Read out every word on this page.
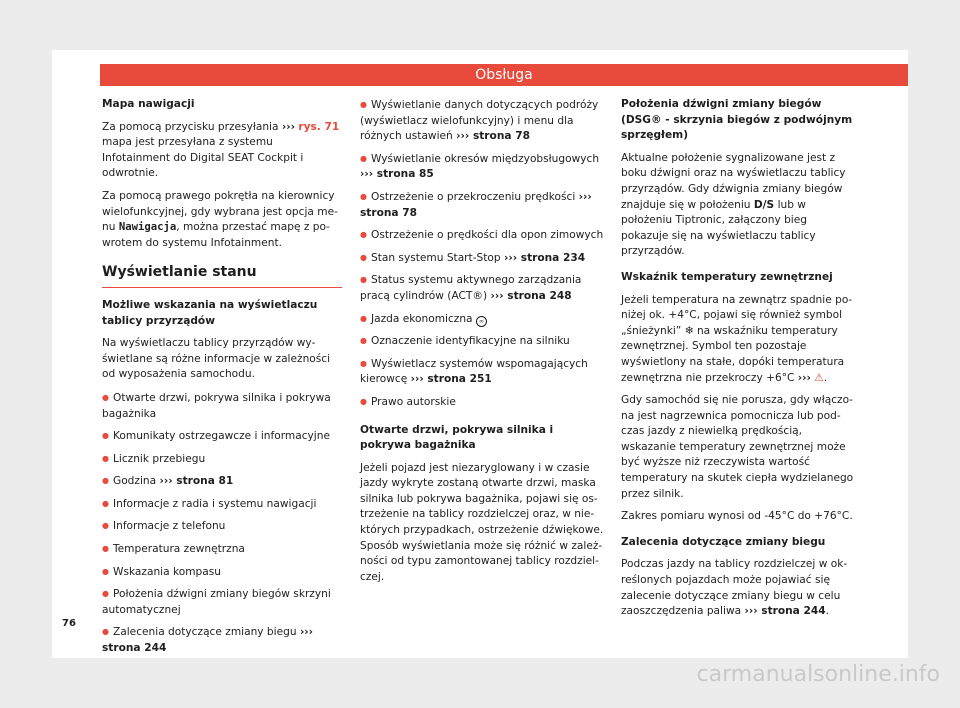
Obsługa

Mapa nawigacji

Za pomocą przycisku przesyłania ››› rys. 71 mapa jest przesyłana z systemu Infotainment do Digital SEAT Cockpit i odwrotnie.

Za pomocą prawego pokrętła na kierownicy wielofunkcyjnej, gdy wybrana jest opcja menu Nawigacja, można przestać mapę z powrotem do systemu Infotainment.

Wyświetlanie stanu

Możliwe wskazania na wyświetlaczu tablicy przyrządów

Na wyświetlaczu tablicy przyrządów wyświetlane są różne informacje w zależności od wyposażenia samochodu.

● Otwarte drzwi, pokrywa silnika i pokrywa bagażnika
● Komunikaty ostrzegawcze i informacyjne
● Licznik przebiegu
● Godzina ››› strona 81
● Informacje z radia i systemu nawigacji
● Informacje z telefonu
● Temperatura zewnętrzna
● Wskazania kompasu
● Położenia dźwigni zmiany biegów skrzyni automatycznej
● Zalecenia dotyczące zmiany biegu ››› strona 244
● Wyświetlanie danych dotyczących podróży (wyświetlacz wielofunkcyjny) i menu dla różnych ustawień ››› strona 78
● Wyświetlanie okresów międzyobsługowych ››› strona 85
● Ostrzeżenie o przekroczeniu prędkości ››› strona 78
● Ostrzeżenie o prędkości dla opon zimowych
● Stan systemu Start-Stop ››› strona 234
● Status systemu aktywnego zarządzania pracą cylindrów (ACT®) ››› strona 248
● Jazda ekonomiczna ∞
● Oznaczenie identyfikacyjne na silniku
● Wyświetlacz systemów wspomagających kierowcę ››› strona 251
● Prawo autorskie

Otwarte drzwi, pokrywa silnika i pokrywa bagażnika

Jeżeli pojazd jest niezaryglowany i w czasie jazdy wykryte zostaną otwarte drzwi, maska silnika lub pokrywa bagażnika, pojawi się ostrzeżenie na tablicy rozdzielczej oraz, w niektórych przypadkach, ostrzeżenie dźwiękowe. Sposób wyświetlania może się różnić w zależności od typu zamontowanej tablicy rozdzielczej.

Położenia dźwigni zmiany biegów (DSG® - skrzynia biegów z podwójnym sprzęgłem)

Aktualne położenie sygnalizowane jest z boku dźwigni oraz na wyświetlaczu tablicy przyrządów. Gdy dźwignia zmiany biegów znajduje się w położeniu D/S lub w położeniu Tiptronic, załączony bieg pokazuje się na wyświetlaczu tablicy przyrządów.

Wskaźnik temperatury zewnętrznej

Jeżeli temperatura na zewnątrz spadnie poniżej ok. +4°C, pojawi się również symbol „śnieżynki” ❄ na wskaźniku temperatury zewnętrznej. Symbol ten pozostaje wyświetlony na stałe, dopóki temperatura zewnętrzna nie przekroczy +6°C ››› ⚠.

Gdy samochód się nie porusza, gdy włączona jest nagrzewnica pomocnicza lub podczas jazdy z niewielką prędkością, wskazanie temperatury zewnętrznej może być wyższe niż rzeczywista wartość temperatury na skutek ciepła wydzielanego przez silnik.

Zakres pomiaru wynosi od -45°C do +76°C.

Zalecenia dotyczące zmiany biegu

Podczas jazdy na tablicy rozdzielczej w określonych pojazdach może pojawiać się zalecenie dotyczące zmiany biegu w celu zaoszczędzenia paliwa ››› strona 244.

76
carmanualsonline.info
